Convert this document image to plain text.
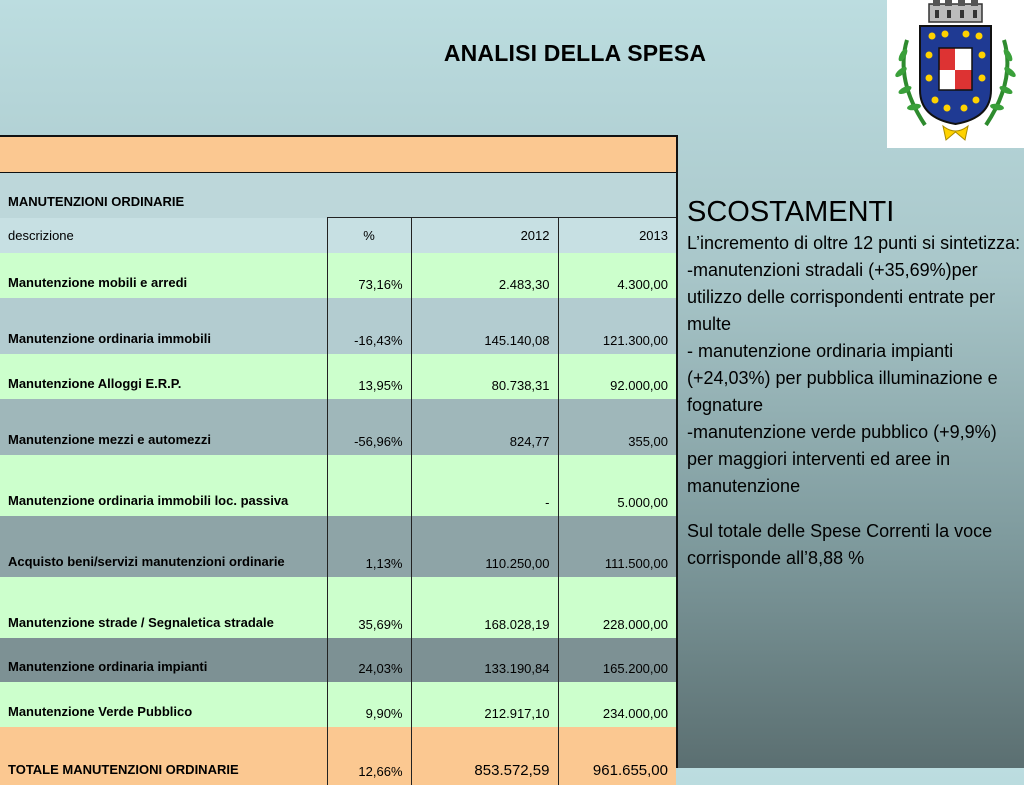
ANALISI DELLA SPESA

MANUTENZIONI ORDINARIE			
descrizione	%	2012	2013
Manutenzione mobili e arredi	73,16%	2.483,30	4.300,00
Manutenzione ordinaria immobili	-16,43%	145.140,08	121.300,00
Manutenzione Alloggi E.R.P.	13,95%	80.738,31	92.000,00
Manutenzione mezzi e automezzi	-56,96%	824,77	355,00
Manutenzione ordinaria immobili loc. passiva		-	5.000,00
Acquisto beni/servizi manutenzioni ordinarie	1,13%	110.250,00	111.500,00
Manutenzione strade / Segnaletica stradale	35,69%	168.028,19	228.000,00
Manutenzione ordinaria impianti	24,03%	133.190,84	165.200,00
Manutenzione Verde Pubblico	9,90%	212.917,10	234.000,00
TOTALE MANUTENZIONI ORDINARIE	12,66%	853.572,59	961.655,00

SCOSTAMENTI

L’incremento di oltre 12 punti si sintetizza:

-manutenzioni stradali (+35,69%)per utilizzo delle corrispondenti entrate per multe

- manutenzione ordinaria impianti (+24,03%) per pubblica illuminazione e fognature

-manutenzione verde pubblico (+9,9%) per maggiori interventi ed aree in manutenzione

Sul totale delle Spese Correnti la voce corrisponde all’8,88 %
